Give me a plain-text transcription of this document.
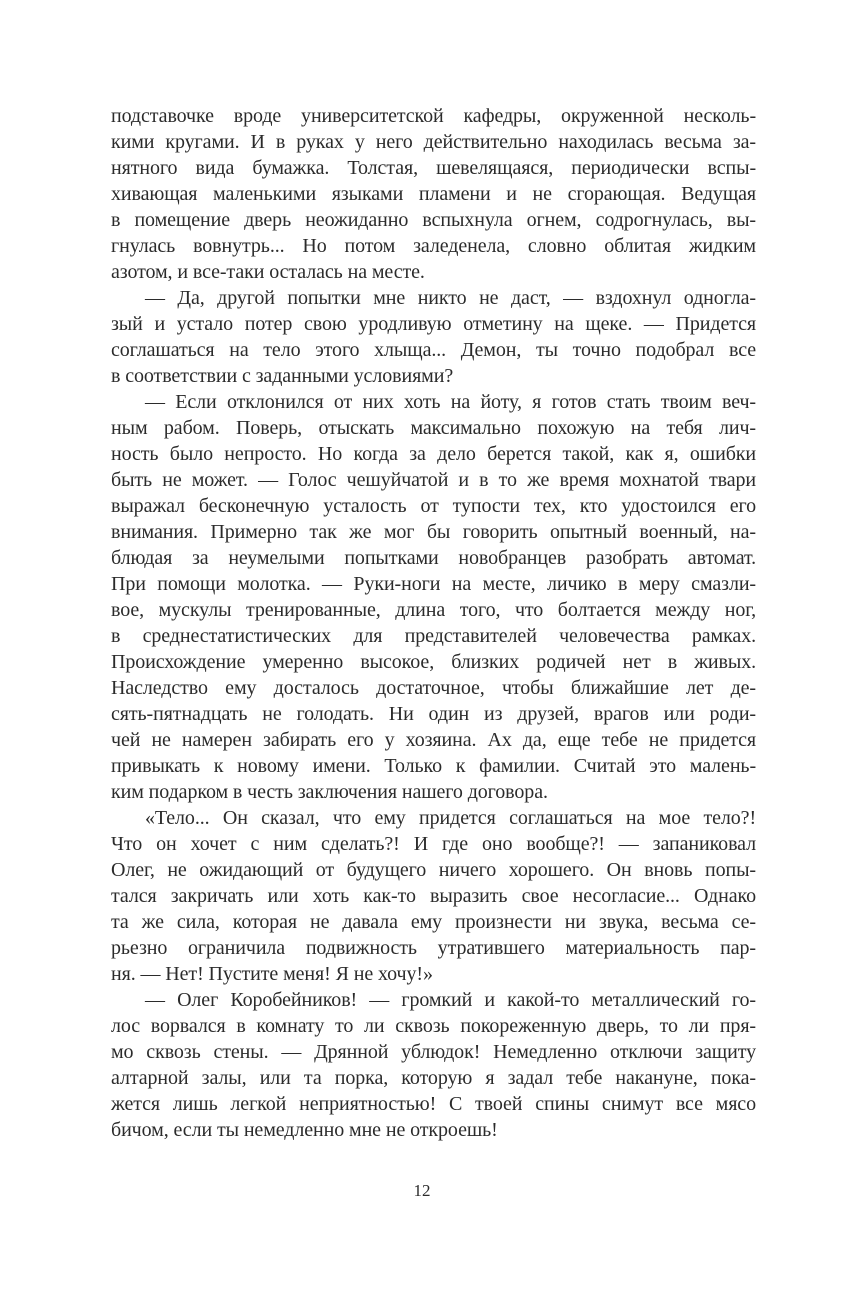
подставочке вроде университетской кафедры, окруженной несколь-
кими кругами. И в руках у него действительно находилась весьма за-
нятного вида бумажка. Толстая, шевелящаяся, периодически вспы-
хивающая маленькими языками пламени и не сгорающая. Ведущая
в помещение дверь неожиданно вспыхнула огнем, содрогнулась, вы-
гнулась вовнутрь... Но потом заледенела, словно облитая жидким
азотом, и все-таки осталась на месте.
— Да, другой попытки мне никто не даст, — вздохнул одногла-
зый и устало потер свою уродливую отметину на щеке. — Придется
соглашаться на тело этого хлыща... Демон, ты точно подобрал все
в соответствии с заданными условиями?
— Если отклонился от них хоть на йоту, я готов стать твоим веч-
ным рабом. Поверь, отыскать максимально похожую на тебя лич-
ность было непросто. Но когда за дело берется такой, как я, ошибки
быть не может. — Голос чешуйчатой и в то же время мохнатой твари
выражал бесконечную усталость от тупости тех, кто удостоился его
внимания. Примерно так же мог бы говорить опытный военный, на-
блюдая за неумелыми попытками новобранцев разобрать автомат.
При помощи молотка. — Руки-ноги на месте, личико в меру смазли-
вое, мускулы тренированные, длина того, что болтается между ног,
в среднестатистических для представителей человечества рамках.
Происхождение умеренно высокое, близких родичей нет в живых.
Наследство ему досталось достаточное, чтобы ближайшие лет де-
сять-пятнадцать не голодать. Ни один из друзей, врагов или роди-
чей не намерен забирать его у хозяина. Ах да, еще тебе не придется
привыкать к новому имени. Только к фамилии. Считай это малень-
ким подарком в честь заключения нашего договора.
«Тело... Он сказал, что ему придется соглашаться на мое тело?!
Что он хочет с ним сделать?! И где оно вообще?! — запаниковал
Олег, не ожидающий от будущего ничего хорошего. Он вновь попы-
тался закричать или хоть как-то выразить свое несогласие... Однако
та же сила, которая не давала ему произнести ни звука, весьма се-
рьезно ограничила подвижность утратившего материальность пар-
ня. — Нет! Пустите меня! Я не хочу!»
— Олег Коробейников! — громкий и какой-то металлический го-
лос ворвался в комнату то ли сквозь покореженную дверь, то ли пря-
мо сквозь стены. — Дрянной ублюдок! Немедленно отключи защиту
алтарной залы, или та порка, которую я задал тебе накануне, пока-
жется лишь легкой неприятностью! С твоей спины снимут все мясо
бичом, если ты немедленно мне не откроешь!
12
